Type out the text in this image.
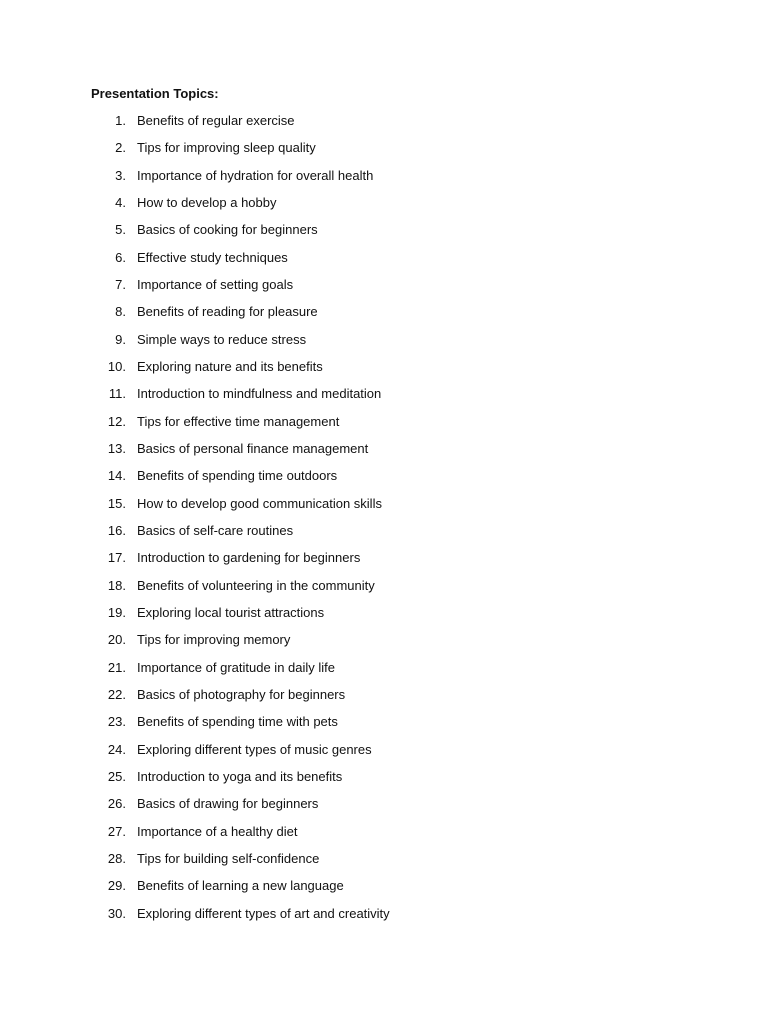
Presentation Topics:
1. Benefits of regular exercise
2. Tips for improving sleep quality
3. Importance of hydration for overall health
4. How to develop a hobby
5. Basics of cooking for beginners
6. Effective study techniques
7. Importance of setting goals
8. Benefits of reading for pleasure
9. Simple ways to reduce stress
10. Exploring nature and its benefits
11. Introduction to mindfulness and meditation
12. Tips for effective time management
13. Basics of personal finance management
14. Benefits of spending time outdoors
15. How to develop good communication skills
16. Basics of self-care routines
17. Introduction to gardening for beginners
18. Benefits of volunteering in the community
19. Exploring local tourist attractions
20. Tips for improving memory
21. Importance of gratitude in daily life
22. Basics of photography for beginners
23. Benefits of spending time with pets
24. Exploring different types of music genres
25. Introduction to yoga and its benefits
26. Basics of drawing for beginners
27. Importance of a healthy diet
28. Tips for building self-confidence
29. Benefits of learning a new language
30. Exploring different types of art and creativity
